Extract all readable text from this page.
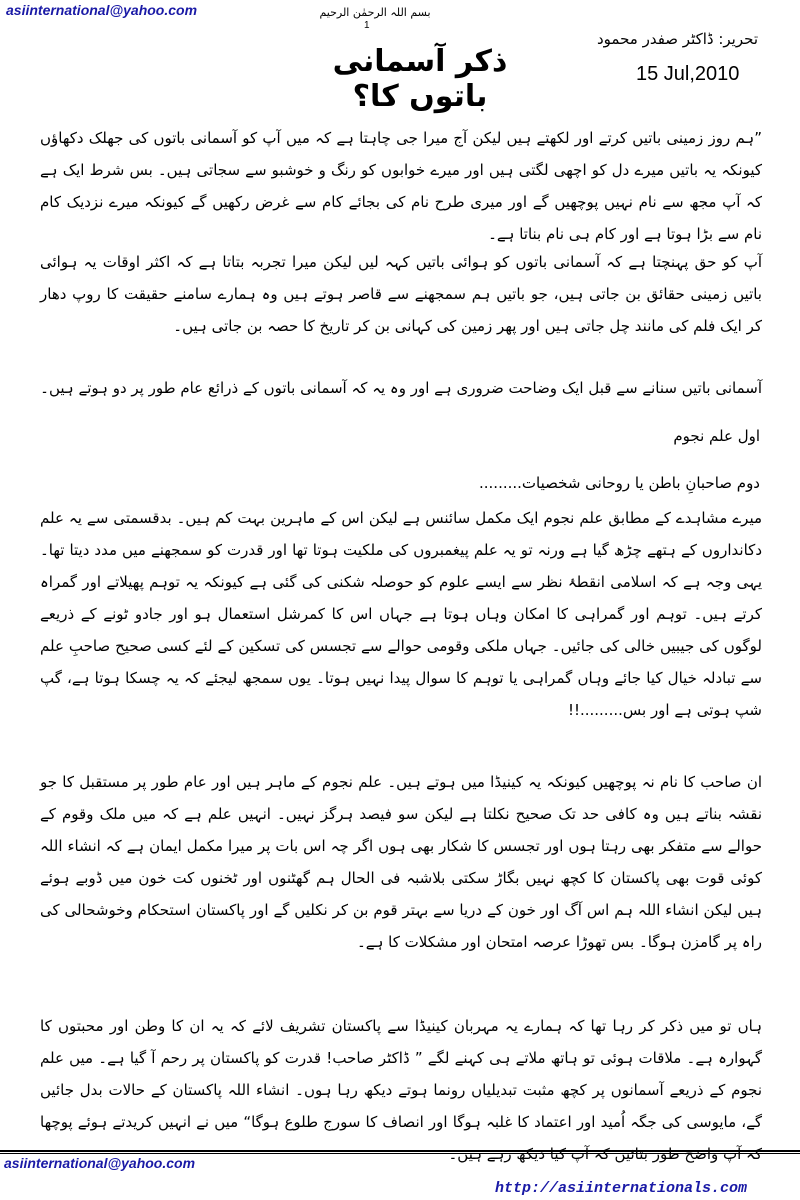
asiinternational@yahoo.com	بسم اللہ الرحمٰن الرحیم
1
تحریر: ڈاکٹر صفدر محمود
15 Jul,2010
ذکر آسمانی باتوں کا؟

”ہم روز زمینی باتیں کرتے اور لکھتے ہیں لیکن آج میرا جی چاہتا ہے کہ میں آپ کو آسمانی باتوں کی جھلک دکھاؤں کیونکہ یہ باتیں میرے دل کو اچھی لگتی ہیں اور میرے خوابوں کو رنگ و خوشبو سے سجاتی ہیں۔ بس شرط ایک ہے کہ آپ مجھ سے نام نہیں پوچھیں گے اور میری طرح نام کی بجائے کام سے غرض رکھیں گے کیونکہ میرے نزدیک کام نام سے بڑا ہوتا ہے اور کام ہی نام بناتا ہے۔

آپ کو حق پہنچتا ہے کہ آسمانی باتوں کو ہوائی باتیں کہہ لیں لیکن میرا تجربہ بتاتا ہے کہ اکثر اوقات یہ ہوائی باتیں زمینی حقائق بن جاتی ہیں، جو باتیں ہم سمجھنے سے قاصر ہوتے ہیں وہ ہمارے سامنے حقیقت کا روپ دھار کر ایک فلم کی مانند چل جاتی ہیں اور پھر زمین کی کہانی بن کر تاریخ کا حصہ بن جاتی ہیں۔

آسمانی باتیں سنانے سے قبل ایک وضاحت ضروری ہے اور وہ یہ کہ آسمانی باتوں کے ذرائع عام طور پر دو ہوتے ہیں۔

اول علم نجوم
دوم صاحبانِ باطن یا روحانی شخصیات.........

میرے مشاہدے کے مطابق علم نجوم ایک مکمل سائنس ہے لیکن اس کے ماہرین بہت کم ہیں۔ بدقسمتی سے یہ علم دکانداروں کے ہتھے چڑھ گیا ہے ورنہ تو یہ علم پیغمبروں کی ملکیت ہوتا تھا اور قدرت کو سمجھنے میں مدد دیتا تھا۔ یہی وجہ ہے کہ اسلامی انقطۂ نظر سے ایسے علوم کو حوصلہ شکنی کی گئی ہے کیونکہ یہ توہم پھیلاتے اور گمراہ کرتے ہیں۔ توہم اور گمراہی کا امکان وہاں ہوتا ہے جہاں اس کا کمرشل استعمال ہو اور جادو ٹونے کے ذریعے لوگوں کی جیبیں خالی کی جائیں۔ جہاں ملکی وقومی حوالے سے تجسس کی تسکین کے لئے کسی صحیح صاحبِ علم سے تبادلہ خیال کیا جائے وہاں گمراہی یا توہم کا سوال پیدا نہیں ہوتا۔ یوں سمجھ لیجئے کہ یہ چسکا ہوتا ہے، گپ شپ ہوتی ہے اور بس.........!!

ان صاحب کا نام نہ پوچھیں کیونکہ یہ کینیڈا میں ہوتے ہیں۔ علم نجوم کے ماہر ہیں اور عام طور پر مستقبل کا جو نقشہ بناتے ہیں وہ کافی حد تک صحیح نکلتا ہے لیکن سو فیصد ہرگز نہیں۔ انہیں علم ہے کہ میں ملک وقوم کے حوالے سے متفکر بھی رہتا ہوں اور تجسس کا شکار بھی ہوں اگر چہ اس بات پر میرا مکمل ایمان ہے کہ انشاء اللہ کوئی قوت بھی پاکستان کا کچھ نہیں بگاڑ سکتی بلاشبہ فی الحال ہم گھٹنوں اور ٹخنوں کت خون میں ڈوبے ہوئے ہیں لیکن انشاء اللہ ہم اس آگ اور خون کے دریا سے بہتر قوم بن کر نکلیں گے اور پاکستان استحکام وخوشحالی کی راہ پر گامزن ہوگا۔ بس تھوڑا عرصہ امتحان اور مشکلات کا ہے۔

ہاں تو میں ذکر کر رہا تھا کہ ہمارے یہ مہربان کینیڈا سے پاکستان تشریف لائے کہ یہ ان کا وطن اور محبتوں کا گہوارہ ہے۔ ملاقات ہوئی تو ہاتھ ملاتے ہی کہنے لگے ” ڈاکٹر صاحب! قدرت کو پاکستان پر رحم آ گیا ہے۔ میں علم نجوم کے ذریعے آسمانوں پر کچھ مثبت تبدیلیاں رونما ہوتے دیکھ رہا ہوں۔ انشاء اللہ پاکستان کے حالات بدل جائیں گے، مایوسی کی جگہ اُمید اور اعتماد کا غلبہ ہوگا اور انصاف کا سورج طلوع ہوگا“ میں نے انہیں کریدتے ہوئے پوچھا کہ آپ واضح طور بتائیں کہ آپ کیا دیکھ رہے ہیں۔

asiinternational@yahoo.com
http://asiinternationals.com
